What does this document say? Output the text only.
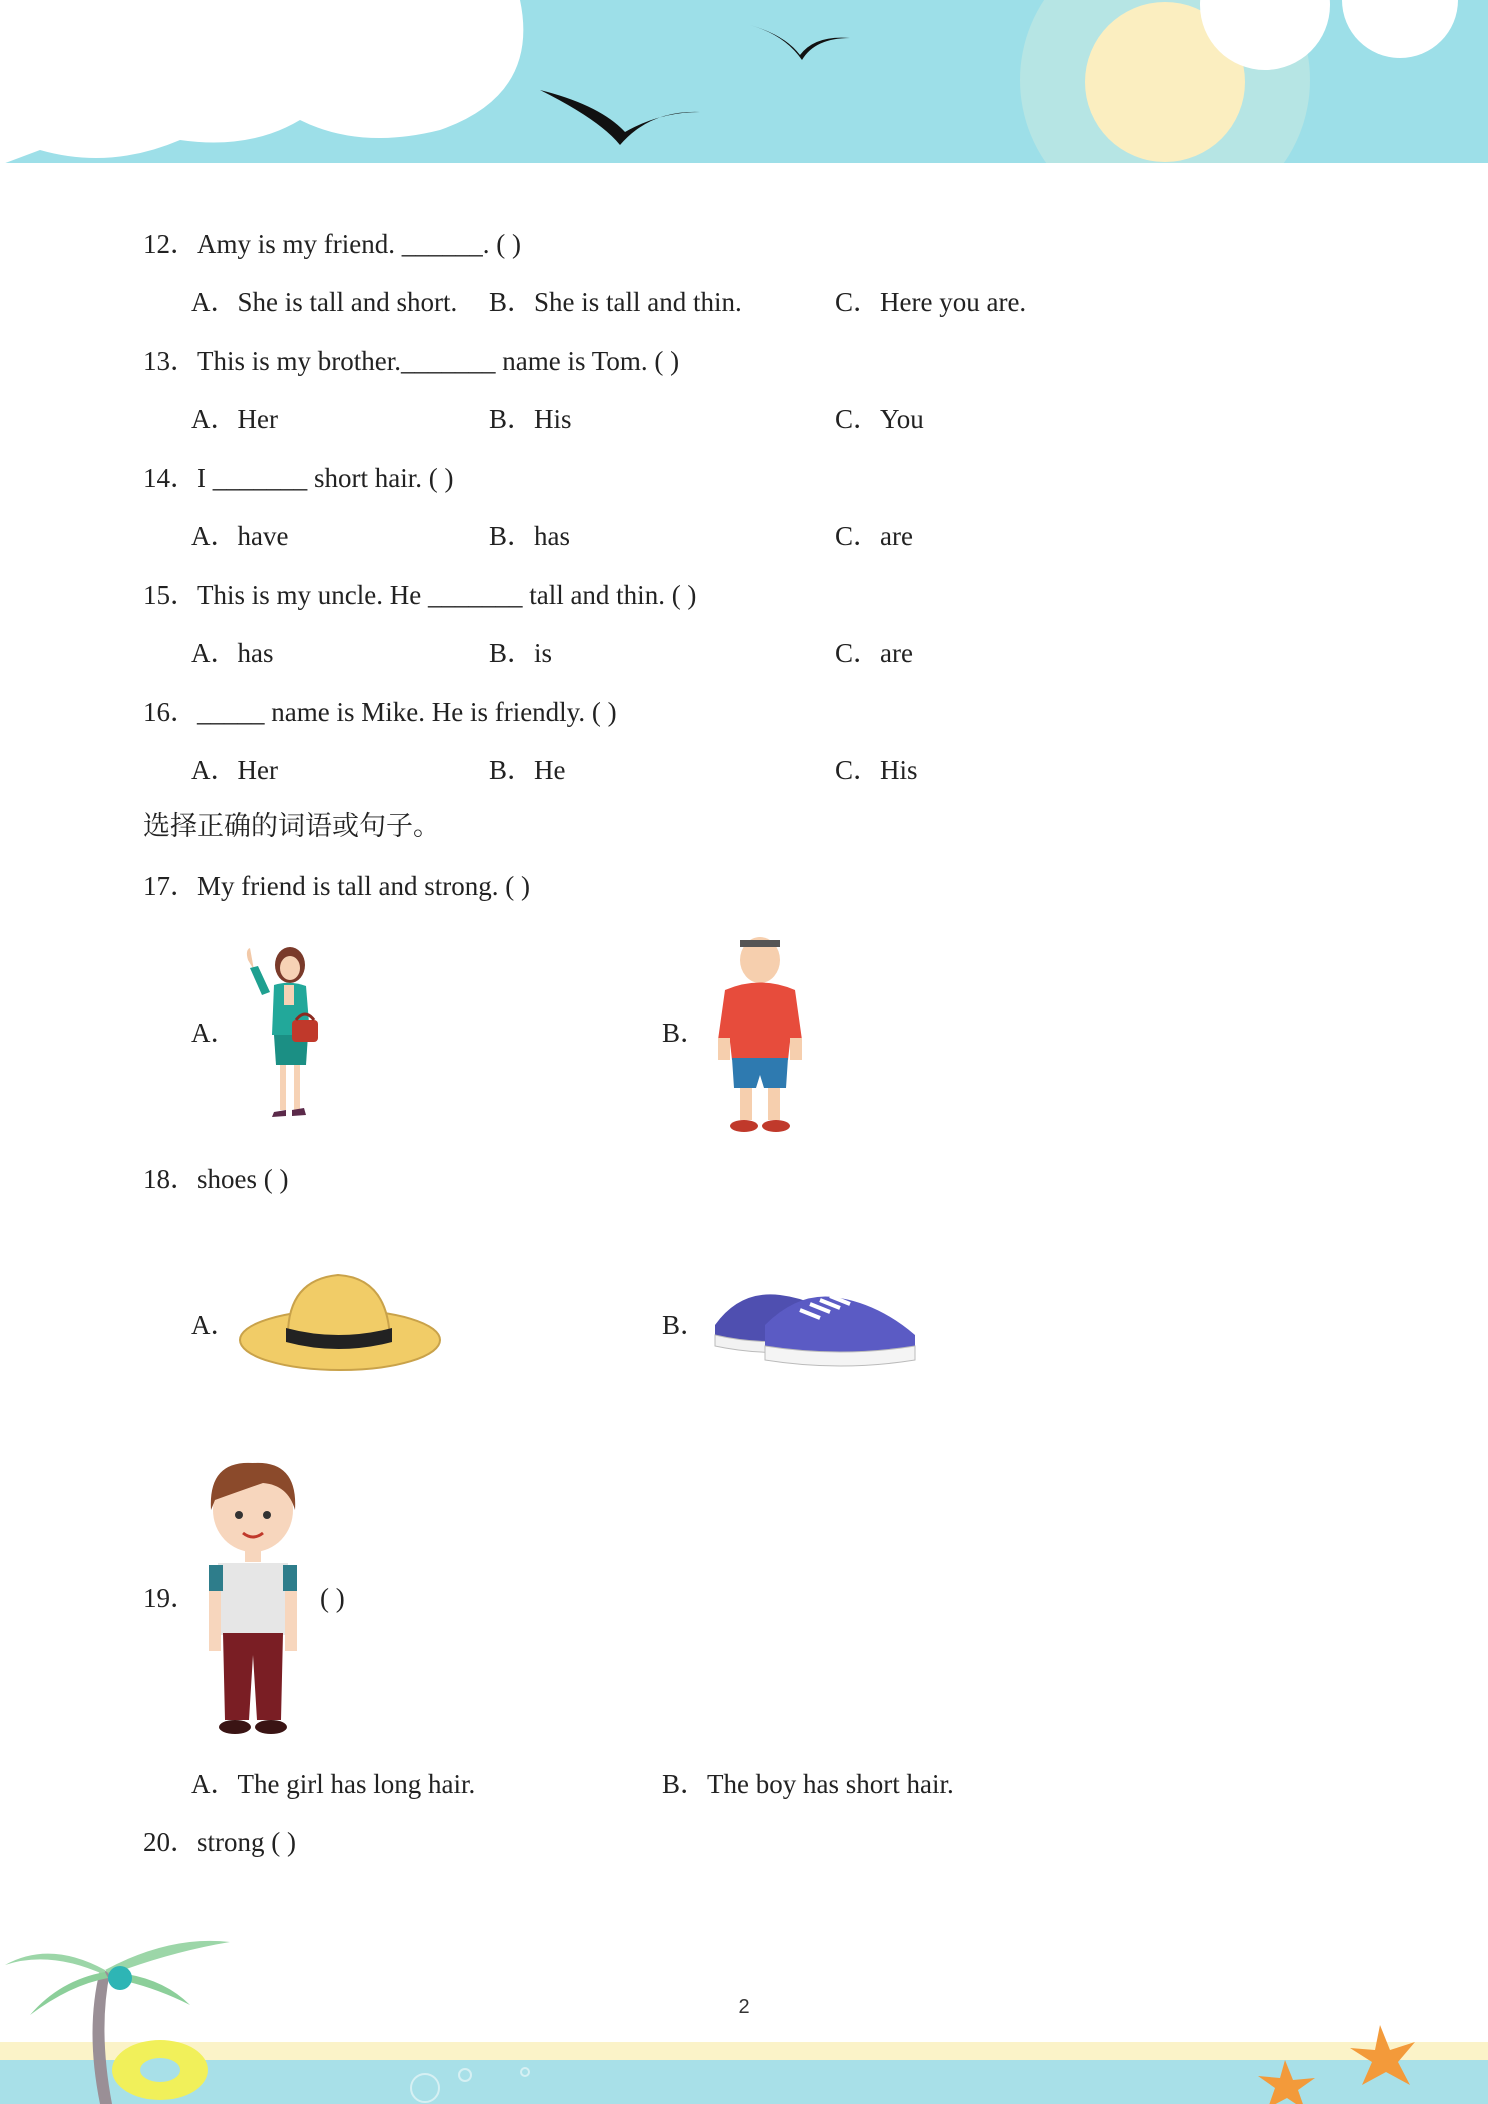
12．Amy is my friend. ______. ( )
A．She is tall and short. B．She is tall and thin.	C．Here you are.
13．This is my brother._______ name is Tom. ( )
A．Her	B．His	C．You
14．I _______ short hair. ( )
A．have	B．has	C．are
15．This is my uncle. He _______ tall and thin. ( )
A．has	B．is	C．are
16．_____ name is Mike. He is friendly. ( )
A．Her	B．He	C．His
选择正确的词语或句子。
17．My friend is tall and strong. ( )
A．	B．
18．shoes ( )
A．	B．
19．	( )
A．The girl has long hair.	B．The boy has short hair.
20．strong ( )
2
